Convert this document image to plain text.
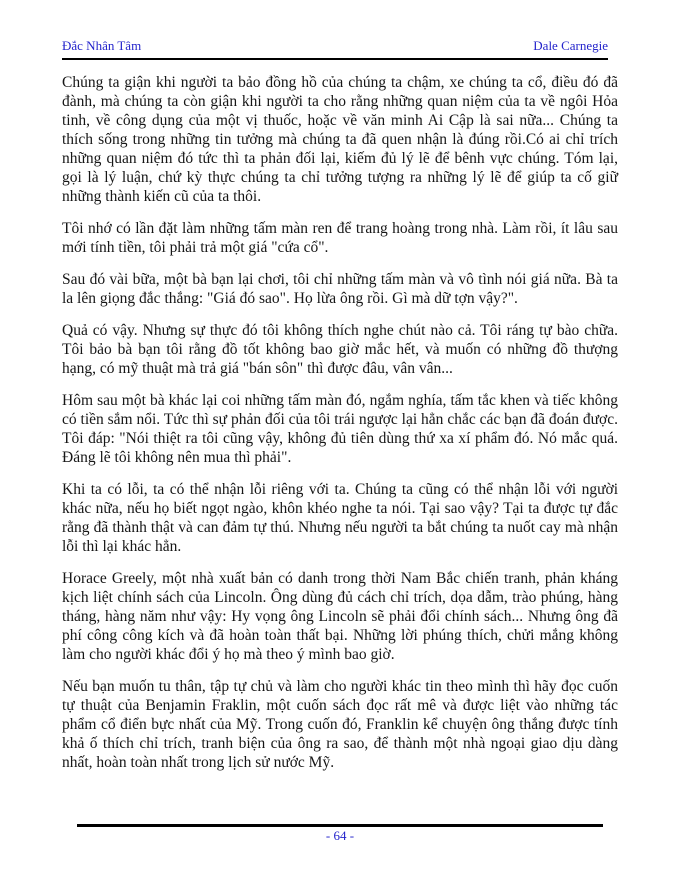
Đắc Nhân Tâm	Dale Carnegie

Chúng ta giận khi người ta bảo đồng hồ của chúng ta chậm, xe chúng ta cổ, điều đó đã đành, mà chúng ta còn giận khi người ta cho rằng những quan niệm của ta về ngôi Hỏa tinh, về công dụng của một vị thuốc, hoặc về văn minh Ai Cập là sai nữa... Chúng ta thích sống trong những tin tưởng mà chúng ta đã quen nhận là đúng rồi.Có ai chỉ trích những quan niệm đó tức thì ta phản đối lại, kiếm đủ lý lẽ để bênh vực chúng. Tóm lại, gọi là lý luận, chứ kỳ thực chúng ta chỉ tưởng tượng ra những lý lẽ để giúp ta cố giữ những thành kiến cũ của ta thôi.

Tôi nhớ có lần đặt làm những tấm màn ren để trang hoàng trong nhà. Làm rồi, ít lâu sau mới tính tiền, tôi phải trả một giá "cứa cổ".

Sau đó vài bữa, một bà bạn lại chơi, tôi chỉ những tấm màn và vô tình nói giá nữa. Bà ta la lên giọng đắc thắng: "Giá đó sao". Họ lừa ông rồi. Gì mà dữ tợn vậy?".

Quả có vậy. Nhưng sự thực đó tôi không thích nghe chút nào cả. Tôi ráng tự bào chữa. Tôi bảo bà bạn tôi rằng đồ tốt không bao giờ mắc hết, và muốn có những đồ thượng hạng, có mỹ thuật mà trả giá "bán sôn" thì được đâu, vân vân...

Hôm sau một bà khác lại coi những tấm màn đó, ngắm nghía, tấm tắc khen và tiếc không có tiền sắm nổi. Tức thì sự phản đối của tôi trái ngược lại hẳn chắc các bạn đã đoán được. Tôi đáp: "Nói thiệt ra tôi cũng vậy, không đủ tiên dùng thứ xa xí phẩm đó. Nó mắc quá. Đáng lẽ tôi không nên mua thì phải".

Khi ta có lỗi, ta có thể nhận lỗi riêng với ta. Chúng ta cũng có thể nhận lỗi với người khác nữa, nếu họ biết ngọt ngào, khôn khéo nghe ta nói. Tại sao vậy? Tại ta được tự đắc rằng đã thành thật và can đảm tự thú. Nhưng nếu người ta bắt chúng ta nuốt cay mà nhận lỗi thì lại khác hẳn.

Horace Greely, một nhà xuất bản có danh trong thời Nam Bắc chiến tranh, phản kháng kịch liệt chính sách của Lincoln. Ông dùng đủ cách chỉ trích, dọa dẫm, trào phúng, hàng tháng, hàng năm như vậy: Hy vọng ông Lincoln sẽ phải đổi chính sách... Nhưng ông đã phí công công kích và đã hoàn toàn thất bại. Những lời phúng thích, chửi mắng không làm cho người khác đổi ý họ mà theo ý mình bao giờ.

Nếu bạn muốn tu thân, tập tự chủ và làm cho người khác tin theo mình thì hãy đọc cuốn tự thuật của Benjamin Fraklin, một cuốn sách đọc rất mê và được liệt vào những tác phẩm cổ điển bực nhất của Mỹ. Trong cuốn đó, Franklin kể chuyện ông thắng được tính khả ố thích chỉ trích, tranh biện của ông ra sao, để thành một nhà ngoại giao dịu dàng nhất, hoàn toàn nhất trong lịch sử nước Mỹ.

- 64 -
